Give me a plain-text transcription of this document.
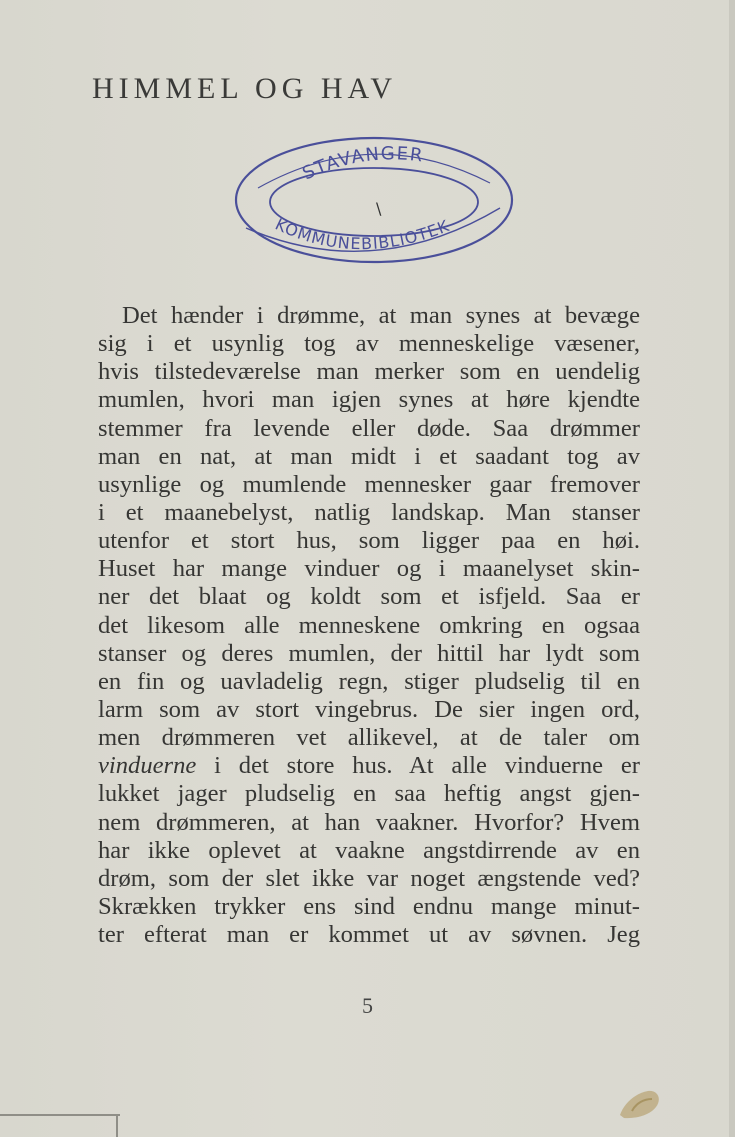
HIMMEL OG HAV
STAVANGER
KOMMUNEBIBLIOTEK
\
Det hænder i drømme, at man synes at bevæge
sig i et usynlig tog av menneskelige væsener,
hvis tilstedeværelse man merker som en uendelig
mumlen, hvori man igjen synes at høre kjendte
stemmer fra levende eller døde. Saa drømmer
man en nat, at man midt i et saadant tog av
usynlige og mumlende mennesker gaar fremover
i et maanebelyst, natlig landskap. Man stanser
utenfor et stort hus, som ligger paa en høi.
Huset har mange vinduer og i maanelyset skin-
ner det blaat og koldt som et isfjeld. Saa er
det likesom alle menneskene omkring en ogsaa
stanser og deres mumlen, der hittil har lydt som
en fin og uavladelig regn, stiger pludselig til en
larm som av stort vingebrus. De sier ingen ord,
men drømmeren vet allikevel, at de taler om
vinduerne i det store hus. At alle vinduerne er
lukket jager pludselig en saa heftig angst gjen-
nem drømmeren, at han vaakner. Hvorfor? Hvem
har ikke oplevet at vaakne angstdirrende av en
drøm, som der slet ikke var noget ængstende ved?
Skrækken trykker ens sind endnu mange minut-
ter efterat man er kommet ut av søvnen. Jeg
5
